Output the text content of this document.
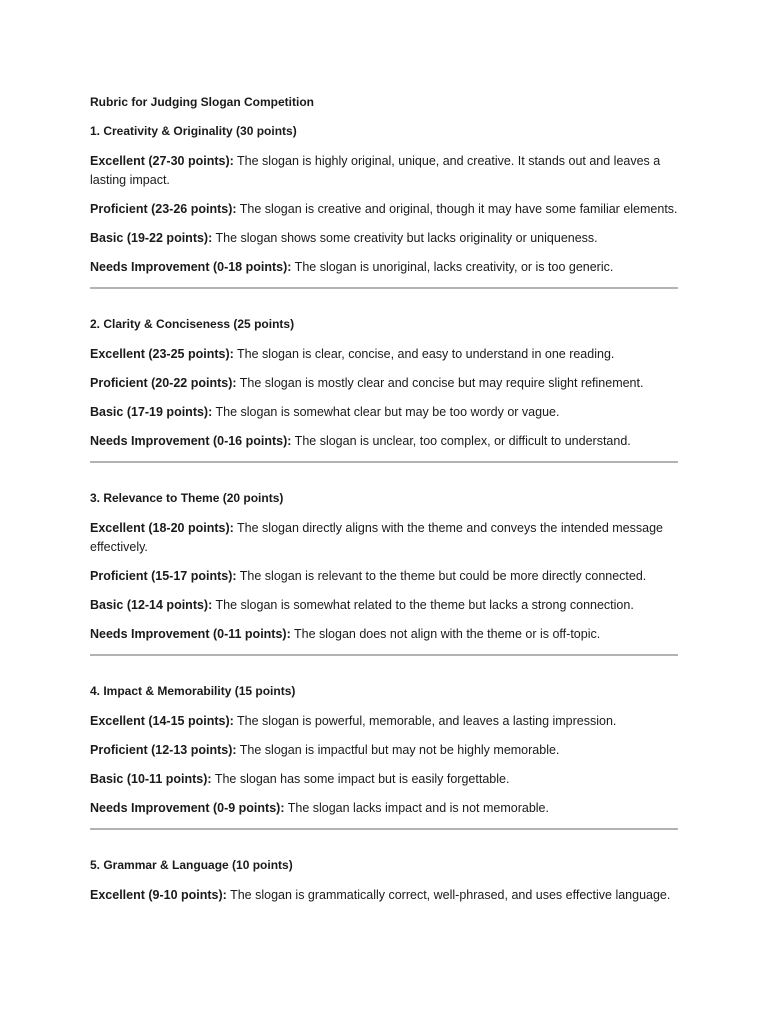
Rubric for Judging Slogan Competition
1. Creativity & Originality (30 points)

Excellent (27-30 points): The slogan is highly original, unique, and creative. It stands out and leaves a lasting impact.

Proficient (23-26 points): The slogan is creative and original, though it may have some familiar elements.

Basic (19-22 points): The slogan shows some creativity but lacks originality or uniqueness.

Needs Improvement (0-18 points): The slogan is unoriginal, lacks creativity, or is too generic.

2. Clarity & Conciseness (25 points)

Excellent (23-25 points): The slogan is clear, concise, and easy to understand in one reading.

Proficient (20-22 points): The slogan is mostly clear and concise but may require slight refinement.

Basic (17-19 points): The slogan is somewhat clear but may be too wordy or vague.

Needs Improvement (0-16 points): The slogan is unclear, too complex, or difficult to understand.

3. Relevance to Theme (20 points)

Excellent (18-20 points): The slogan directly aligns with the theme and conveys the intended message effectively.

Proficient (15-17 points): The slogan is relevant to the theme but could be more directly connected.

Basic (12-14 points): The slogan is somewhat related to the theme but lacks a strong connection.

Needs Improvement (0-11 points): The slogan does not align with the theme or is off-topic.

4. Impact & Memorability (15 points)

Excellent (14-15 points): The slogan is powerful, memorable, and leaves a lasting impression.

Proficient (12-13 points): The slogan is impactful but may not be highly memorable.

Basic (10-11 points): The slogan has some impact but is easily forgettable.

Needs Improvement (0-9 points): The slogan lacks impact and is not memorable.

5. Grammar & Language (10 points)

Excellent (9-10 points): The slogan is grammatically correct, well-phrased, and uses effective language.
